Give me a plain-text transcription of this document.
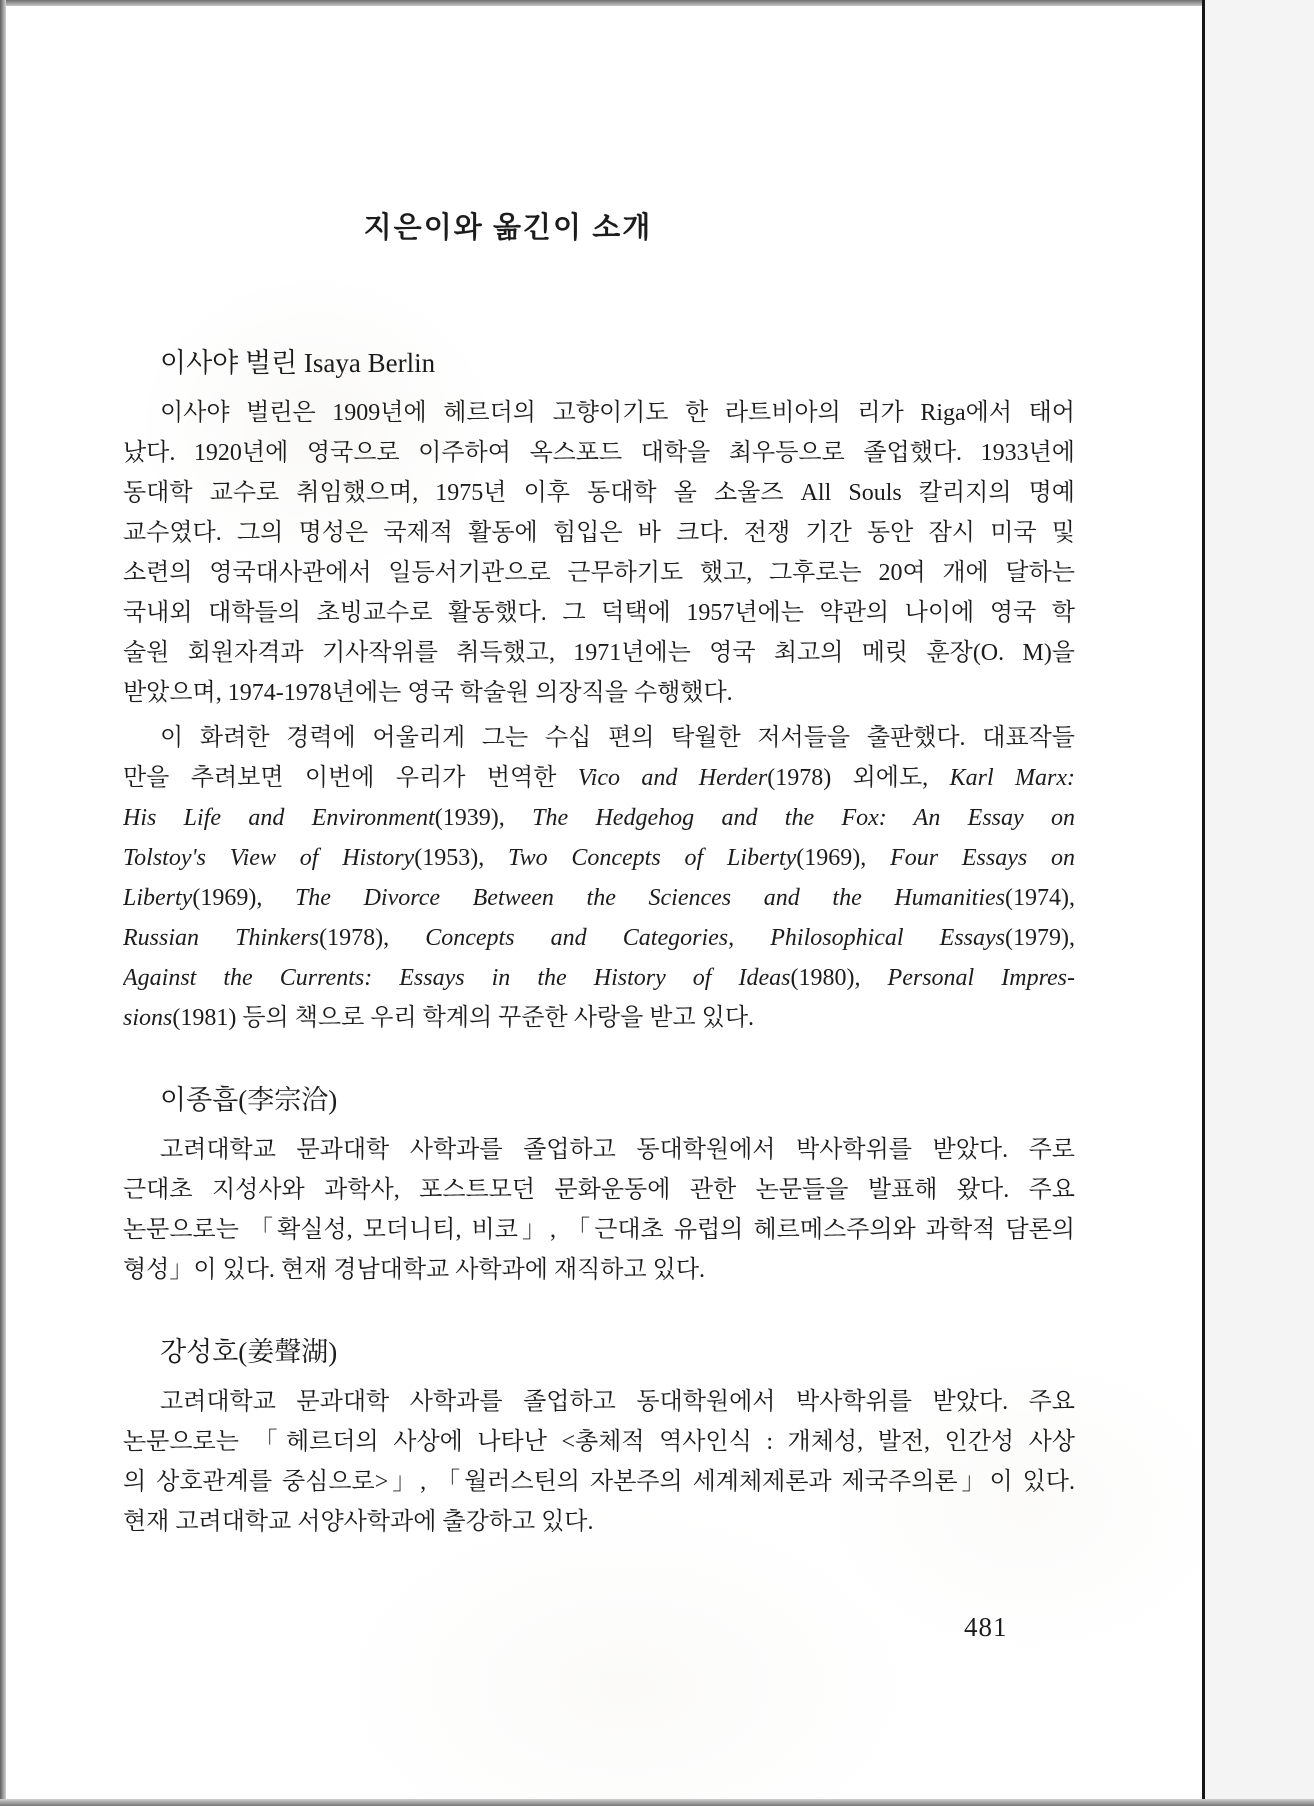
지은이와 옮긴이 소개
이사야 벌린 Isaya Berlin
이사야 벌린은 1909년에 헤르더의 고향이기도 한 라트비아의 리가 Riga에서 태어
났다. 1920년에 영국으로 이주하여 옥스포드 대학을 최우등으로 졸업했다. 1933년에
동대학 교수로 취임했으며, 1975년 이후 동대학 올 소울즈 All Souls 칼리지의 명예
교수였다. 그의 명성은 국제적 활동에 힘입은 바 크다. 전쟁 기간 동안 잠시 미국 및
소련의 영국대사관에서 일등서기관으로 근무하기도 했고, 그후로는 20여 개에 달하는
국내외 대학들의 초빙교수로 활동했다. 그 덕택에 1957년에는 약관의 나이에 영국 학
술원 회원자격과 기사작위를 취득했고, 1971년에는 영국 최고의 메릿 훈장(O. M)을
받았으며, 1974-1978년에는 영국 학술원 의장직을 수행했다.
이 화려한 경력에 어울리게 그는 수십 편의 탁월한 저서들을 출판했다. 대표작들
만을 추려보면 이번에 우리가 번역한 Vico and Herder(1978) 외에도, Karl Marx:
His Life and Environment(1939), The Hedgehog and the Fox: An Essay on
Tolstoy's View of History(1953), Two Concepts of Liberty(1969), Four Essays on
Liberty(1969), The Divorce Between the Sciences and the Humanities(1974),
Russian Thinkers(1978), Concepts and Categories, Philosophical Essays(1979),
Against the Currents: Essays in the History of Ideas(1980), Personal Impres-
sions(1981) 등의 책으로 우리 학계의 꾸준한 사랑을 받고 있다.
이종흡(李宗洽)
고려대학교 문과대학 사학과를 졸업하고 동대학원에서 박사학위를 받았다. 주로
근대초 지성사와 과학사, 포스트모던 문화운동에 관한 논문들을 발표해 왔다. 주요
논문으로는 「확실성, 모더니티, 비코」, 「근대초 유럽의 헤르메스주의와 과학적 담론의
형성」이 있다. 현재 경남대학교 사학과에 재직하고 있다.
강성호(姜聲湖)
고려대학교 문과대학 사학과를 졸업하고 동대학원에서 박사학위를 받았다. 주요
논문으로는 「헤르더의 사상에 나타난 <총체적 역사인식 : 개체성, 발전, 인간성 사상
의 상호관계를 중심으로>」, 「월러스틴의 자본주의 세계체제론과 제국주의론」이 있다.
현재 고려대학교 서양사학과에 출강하고 있다.
481
